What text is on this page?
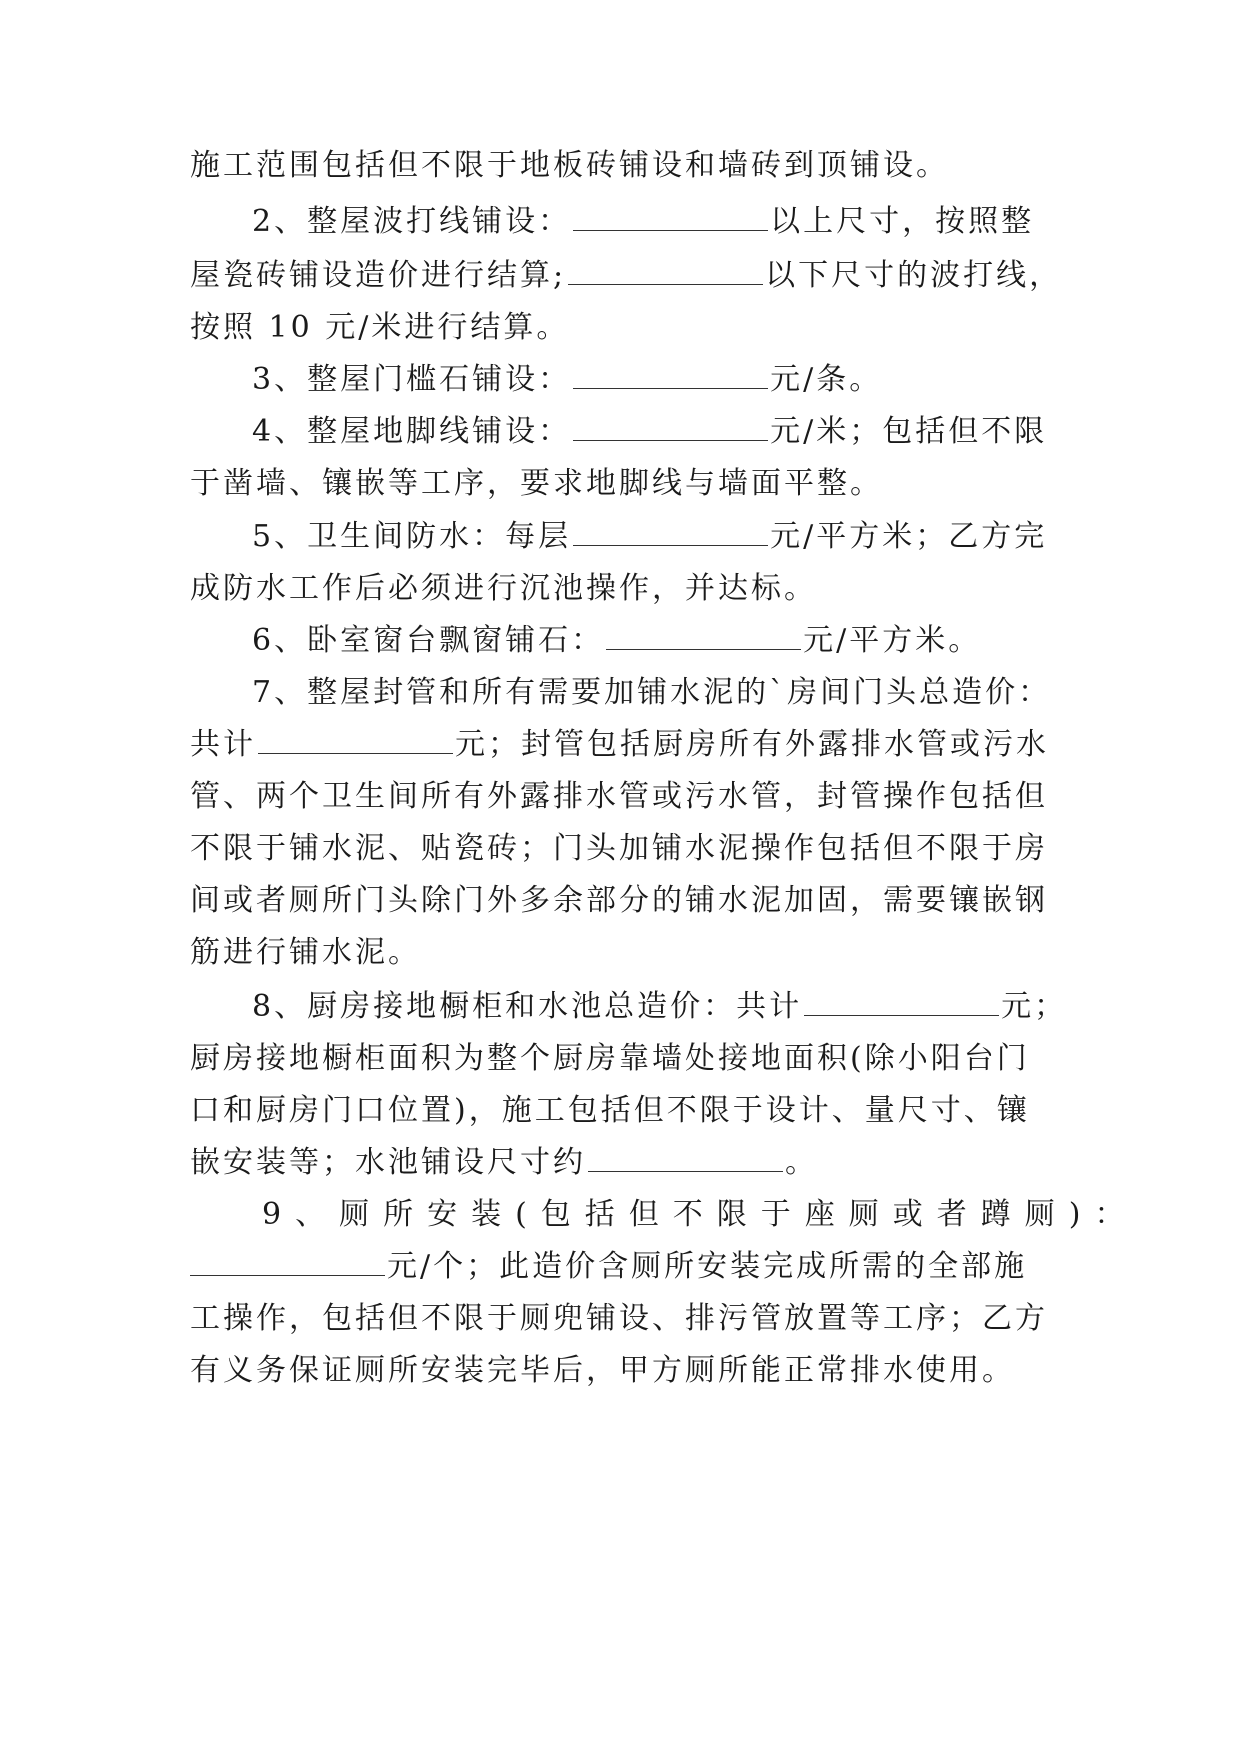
施工范围包括但不限于地板砖铺设和墙砖到顶铺设。
2、整屋波打线铺设：	以上尺寸，按照整
屋瓷砖铺设造价进行结算;	以下尺寸的波打线，
按照 10 元/米进行结算。
3、整屋门槛石铺设：	元/条。
4、整屋地脚线铺设：	元/米；包括但不限
于凿墙、镶嵌等工序，要求地脚线与墙面平整。
5、卫生间防水：每层	元/平方米；乙方完
成防水工作后必须进行沉池操作，并达标。
6、卧室窗台飘窗铺石：	元/平方米。
7、整屋封管和所有需要加铺水泥的`房间门头总造价：
共计	元；封管包括厨房所有外露排水管或污水
管、两个卫生间所有外露排水管或污水管，封管操作包括但
不限于铺水泥、贴瓷砖；门头加铺水泥操作包括但不限于房
间或者厕所门头除门外多余部分的铺水泥加固，需要镶嵌钢
筋进行铺水泥。
8、厨房接地橱柜和水池总造价：共计	元；
厨房接地橱柜面积为整个厨房靠墙处接地面积(除小阳台门
口和厨房门口位置)，施工包括但不限于设计、量尺寸、镶
嵌安装等；水池铺设尺寸约	。
9、厕所安装(包括但不限于座厕或者蹲厕)：
元/个；此造价含厕所安装完成所需的全部施
工操作，包括但不限于厕兜铺设、排污管放置等工序；乙方
有义务保证厕所安装完毕后，甲方厕所能正常排水使用。
